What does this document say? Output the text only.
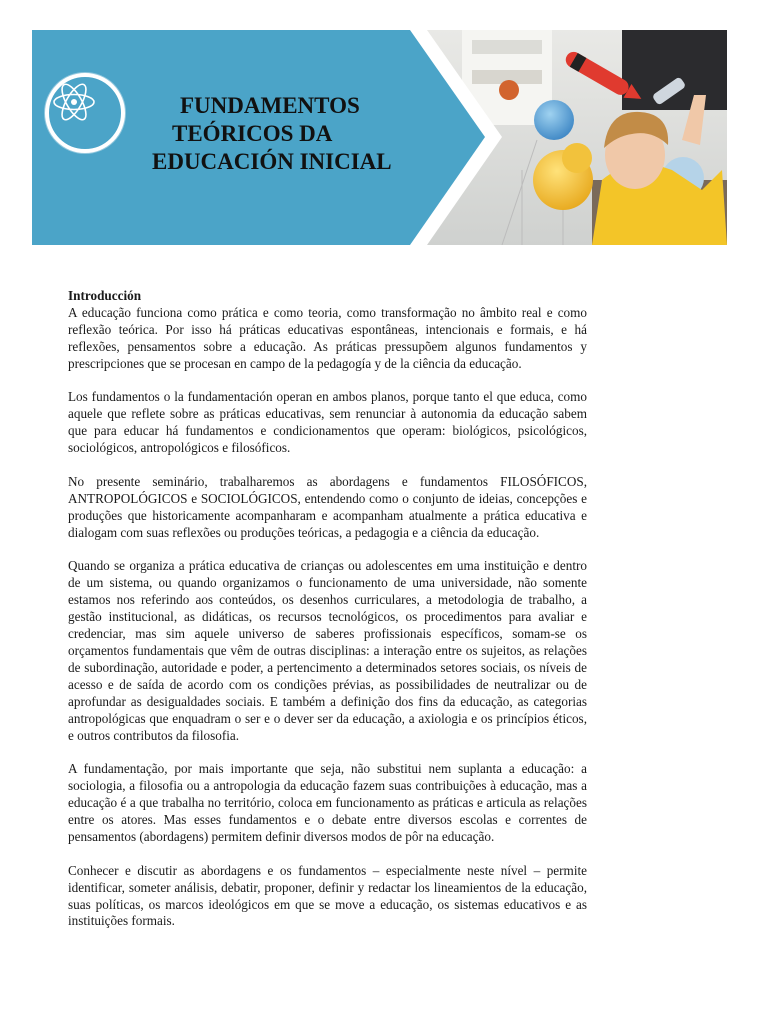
FUNDAMENTOS
TEÓRICOS DA
EDUCACIÓN INICIAL
Introducción

A educação funciona como prática e como teoria, como transformação no âmbito real e como reflexão teórica. Por isso há práticas educativas espontâneas, intencionais e formais, e há reflexões, pensamentos sobre a educação. As práticas pressupõem algunos fundamentos y prescripciones que se procesan en campo de la pedagogía y de la ciência da educação.

Los fundamentos o la fundamentación operan en ambos planos, porque tanto el que educa, como aquele que reflete sobre as práticas educativas, sem renunciar à autonomia da educação sabem que para educar há fundamentos e condicionamentos que operam: biológicos, psicológicos, sociológicos, antropológicos e filosóficos.

No presente seminário, trabalharemos as abordagens e fundamentos FILOSÓFICOS, ANTROPOLÓGICOS e SOCIOLÓGICOS, entendendo como o conjunto de ideias, concepções e produções que historicamente acompanharam e acompanham atualmente a prática educativa e dialogam com suas reflexões ou produções teóricas, a pedagogia e a ciência da educação.

Quando se organiza a prática educativa de crianças ou adolescentes em uma instituição e dentro de um sistema, ou quando organizamos o funcionamento de uma universidade, não somente estamos nos referindo aos conteúdos, os desenhos curriculares, a metodologia de trabalho, a gestão institucional, as didáticas, os recursos tecnológicos, os procedimentos para avaliar e credenciar, mas sim aquele universo de saberes profissionais específicos, somam-se os orçamentos fundamentais que vêm de outras disciplinas: a interação entre os sujeitos, as relações de subordinação, autoridade e poder, a pertencimento a determinados setores sociais, os níveis de acesso e de saída de acordo com os condições prévias, as possibilidades de neutralizar ou de aprofundar as desigualdades sociais. E também a definição dos fins da educação, as categorias antropológicas que enquadram o ser e o dever ser da educação, a axiologia e os princípios éticos, e outros contributos da filosofia.

A fundamentação, por mais importante que seja, não substitui nem suplanta a educação: a sociologia, a filosofia ou a antropologia da educação fazem suas contribuições à educação, mas a educação é a que trabalha no território, coloca em funcionamento as práticas e articula as relações entre os atores. Mas esses fundamentos e o debate entre diversos escolas e correntes de pensamentos (abordagens) permitem definir diversos modos de pôr na educação.

Conhecer e discutir as abordagens e os fundamentos – especialmente neste nível – permite identificar, someter análisis, debatir, proponer, definir y redactar los lineamientos de la educação, suas políticas, os marcos ideológicos em que se move a educação, os sistemas educativos e as instituições formais.
